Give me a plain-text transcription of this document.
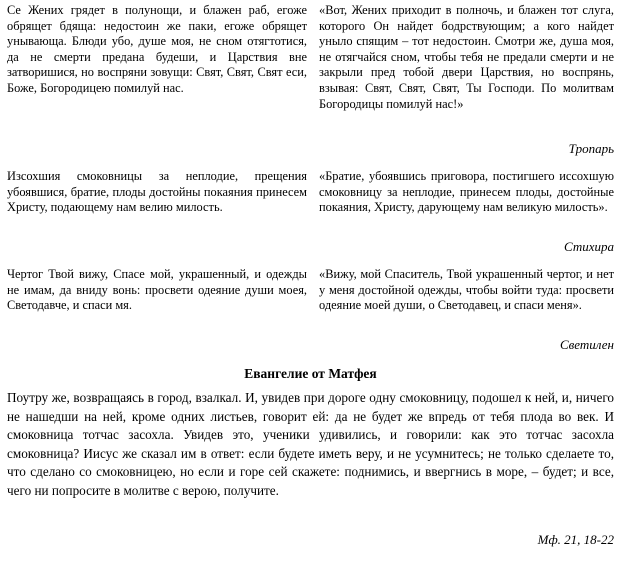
Се Жених грядет в полунощи, и блажен раб, егоже обрящет бдяща: недостоин же паки, егоже обрящет унывающа. Блюди убо, душе моя, не сном отягтотися, да не смерти предана будеши, и Царствия вне затворишися, но воспряни зовущи: Свят, Свят, Свят еси, Боже, Богородицею помилуй нас.
«Вот, Жених приходит в полночь, и блажен тот слуга, которого Он найдет бодрствующим; а кого найдет унылo спящим – тот недостоин. Смотри же, душа моя, не отягчайся сном, чтобы тебя не предали смерти и не закрыли пред тобой двери Царствия, но воспрянь, взывая: Свят, Свят, Свят, Ты Господи. По молитвам Богородицы помилуй нас!»
Тропарь
Изсохшия смоковницы за неплодие, прещения убоявшися, братие, плоды достойны покаяния принесем Христу, подающему нам велию милость.
«Братие, убоявшись приговора, постигшего иссохшую смоковницу за неплодие, принесем плоды, достойные покаяния, Христу, дарующему нам великую милость».
Стихира
Чертог Твой вижу, Спасе мой, украшенный, и одежды не имам, да вниду вонь: просвети одеяние души моея, Светодавче, и спаси мя.
«Вижу, мой Спаситель, Твой украшенный чертог, и нет у меня достойной одежды, чтобы войти туда: просвети одеяние моей души, о Светодавец, и спаси меня».
Светилен
Евангелие от Матфея
Поутру же, возвращаясь в город, взалкал. И, увидев при дороге одну смоковницу, подошел к ней, и, ничего не нашедши на ней, кроме одних листьев, говорит ей: да не будет же впредь от тебя плода во век. И смоковница тотчас засохла. Увидев это, ученики удивились, и говорили: как это тотчас засохла смоковница? Иисус же сказал им в ответ: если будете иметь веру, и не усумнитесь; не только сделаете то, что сделано со смоковницею, но если и горе сей скажете: поднимись, и ввергнись в море, – будет; и все, чего ни попросите в молитве с верою, получите.
Мф. 21, 18-22
